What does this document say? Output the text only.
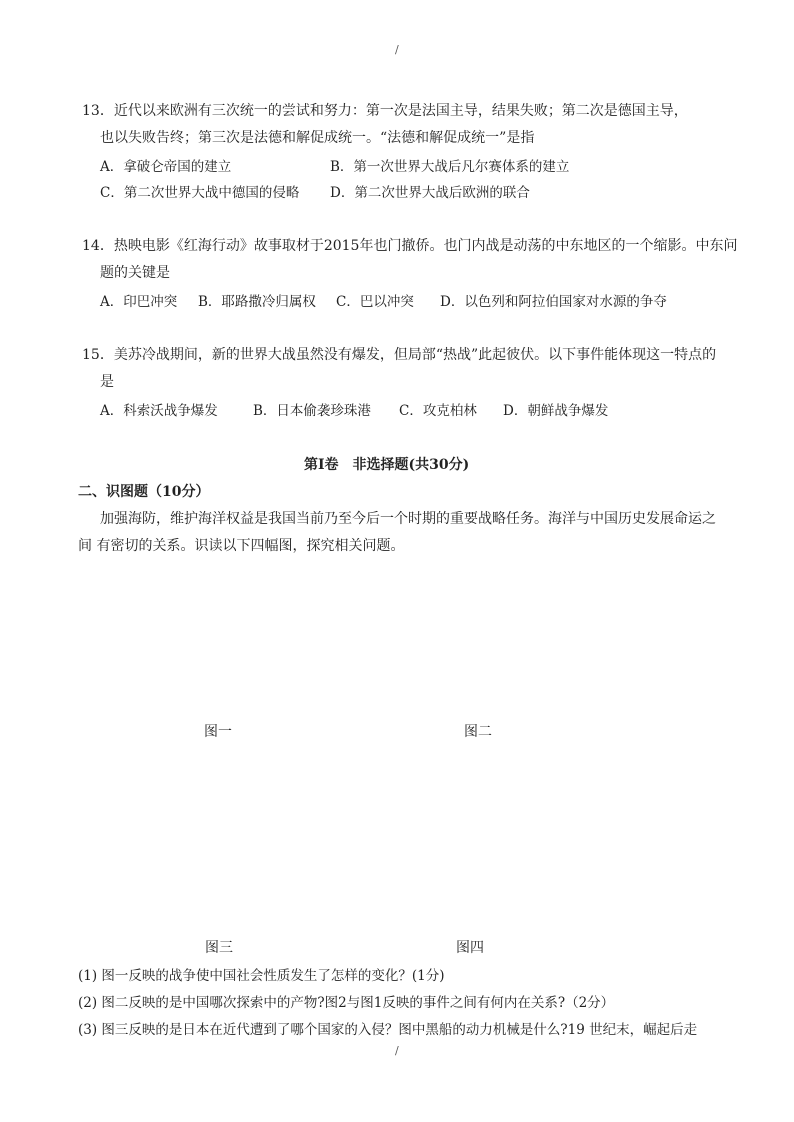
/
13．近代以来欧洲有三次统一的尝试和努力：第一次是法国主导，结果失败；第二次是德国主导，
也以失败告终；第三次是法德和解促成统一。“法德和解促成统一”是指
A．拿破仑帝国的建立	B．第一次世界大战后凡尔赛体系的建立
C．第二次世界大战中德国的侵略 D．第二次世界大战后欧洲的联合
14．热映电影《红海行动》故事取材于2015年也门撤侨。也门内战是动荡的中东地区的一个缩影。中东问
题的关键是
A．印巴冲突 B．耶路撒冷归属权 C．巴以冲突 D．以色列和阿拉伯国家对水源的争夺
15．美苏冷战期间，新的世界大战虽然没有爆发，但局部“热战”此起彼伏。以下事件能体现这一特点的
是
A．科索沃战争爆发	B．日本偷袭珍珠港 C．攻克柏林 D．朝鲜战争爆发
第Ⅰ卷　非选择题(共30分)
二、识图题（10分）
加强海防，维护海洋权益是我国当前乃至今后一个时期的重要战略任务。海洋与中国历史发展命运之
间 有密切的关系。识读以下四幅图，探究相关问题。
图一	图二
图三	图四
(1) 图一反映的战争使中国社会性质发生了怎样的变化？(1分)
(2) 图二反映的是中国哪次探索中的产物?图2与图1反映的事件之间有何内在关系?（2分）
(3) 图三反映的是日本在近代遭到了哪个国家的入侵？图中黑船的动力机械是什么?19 世纪末，崛起后走
/
